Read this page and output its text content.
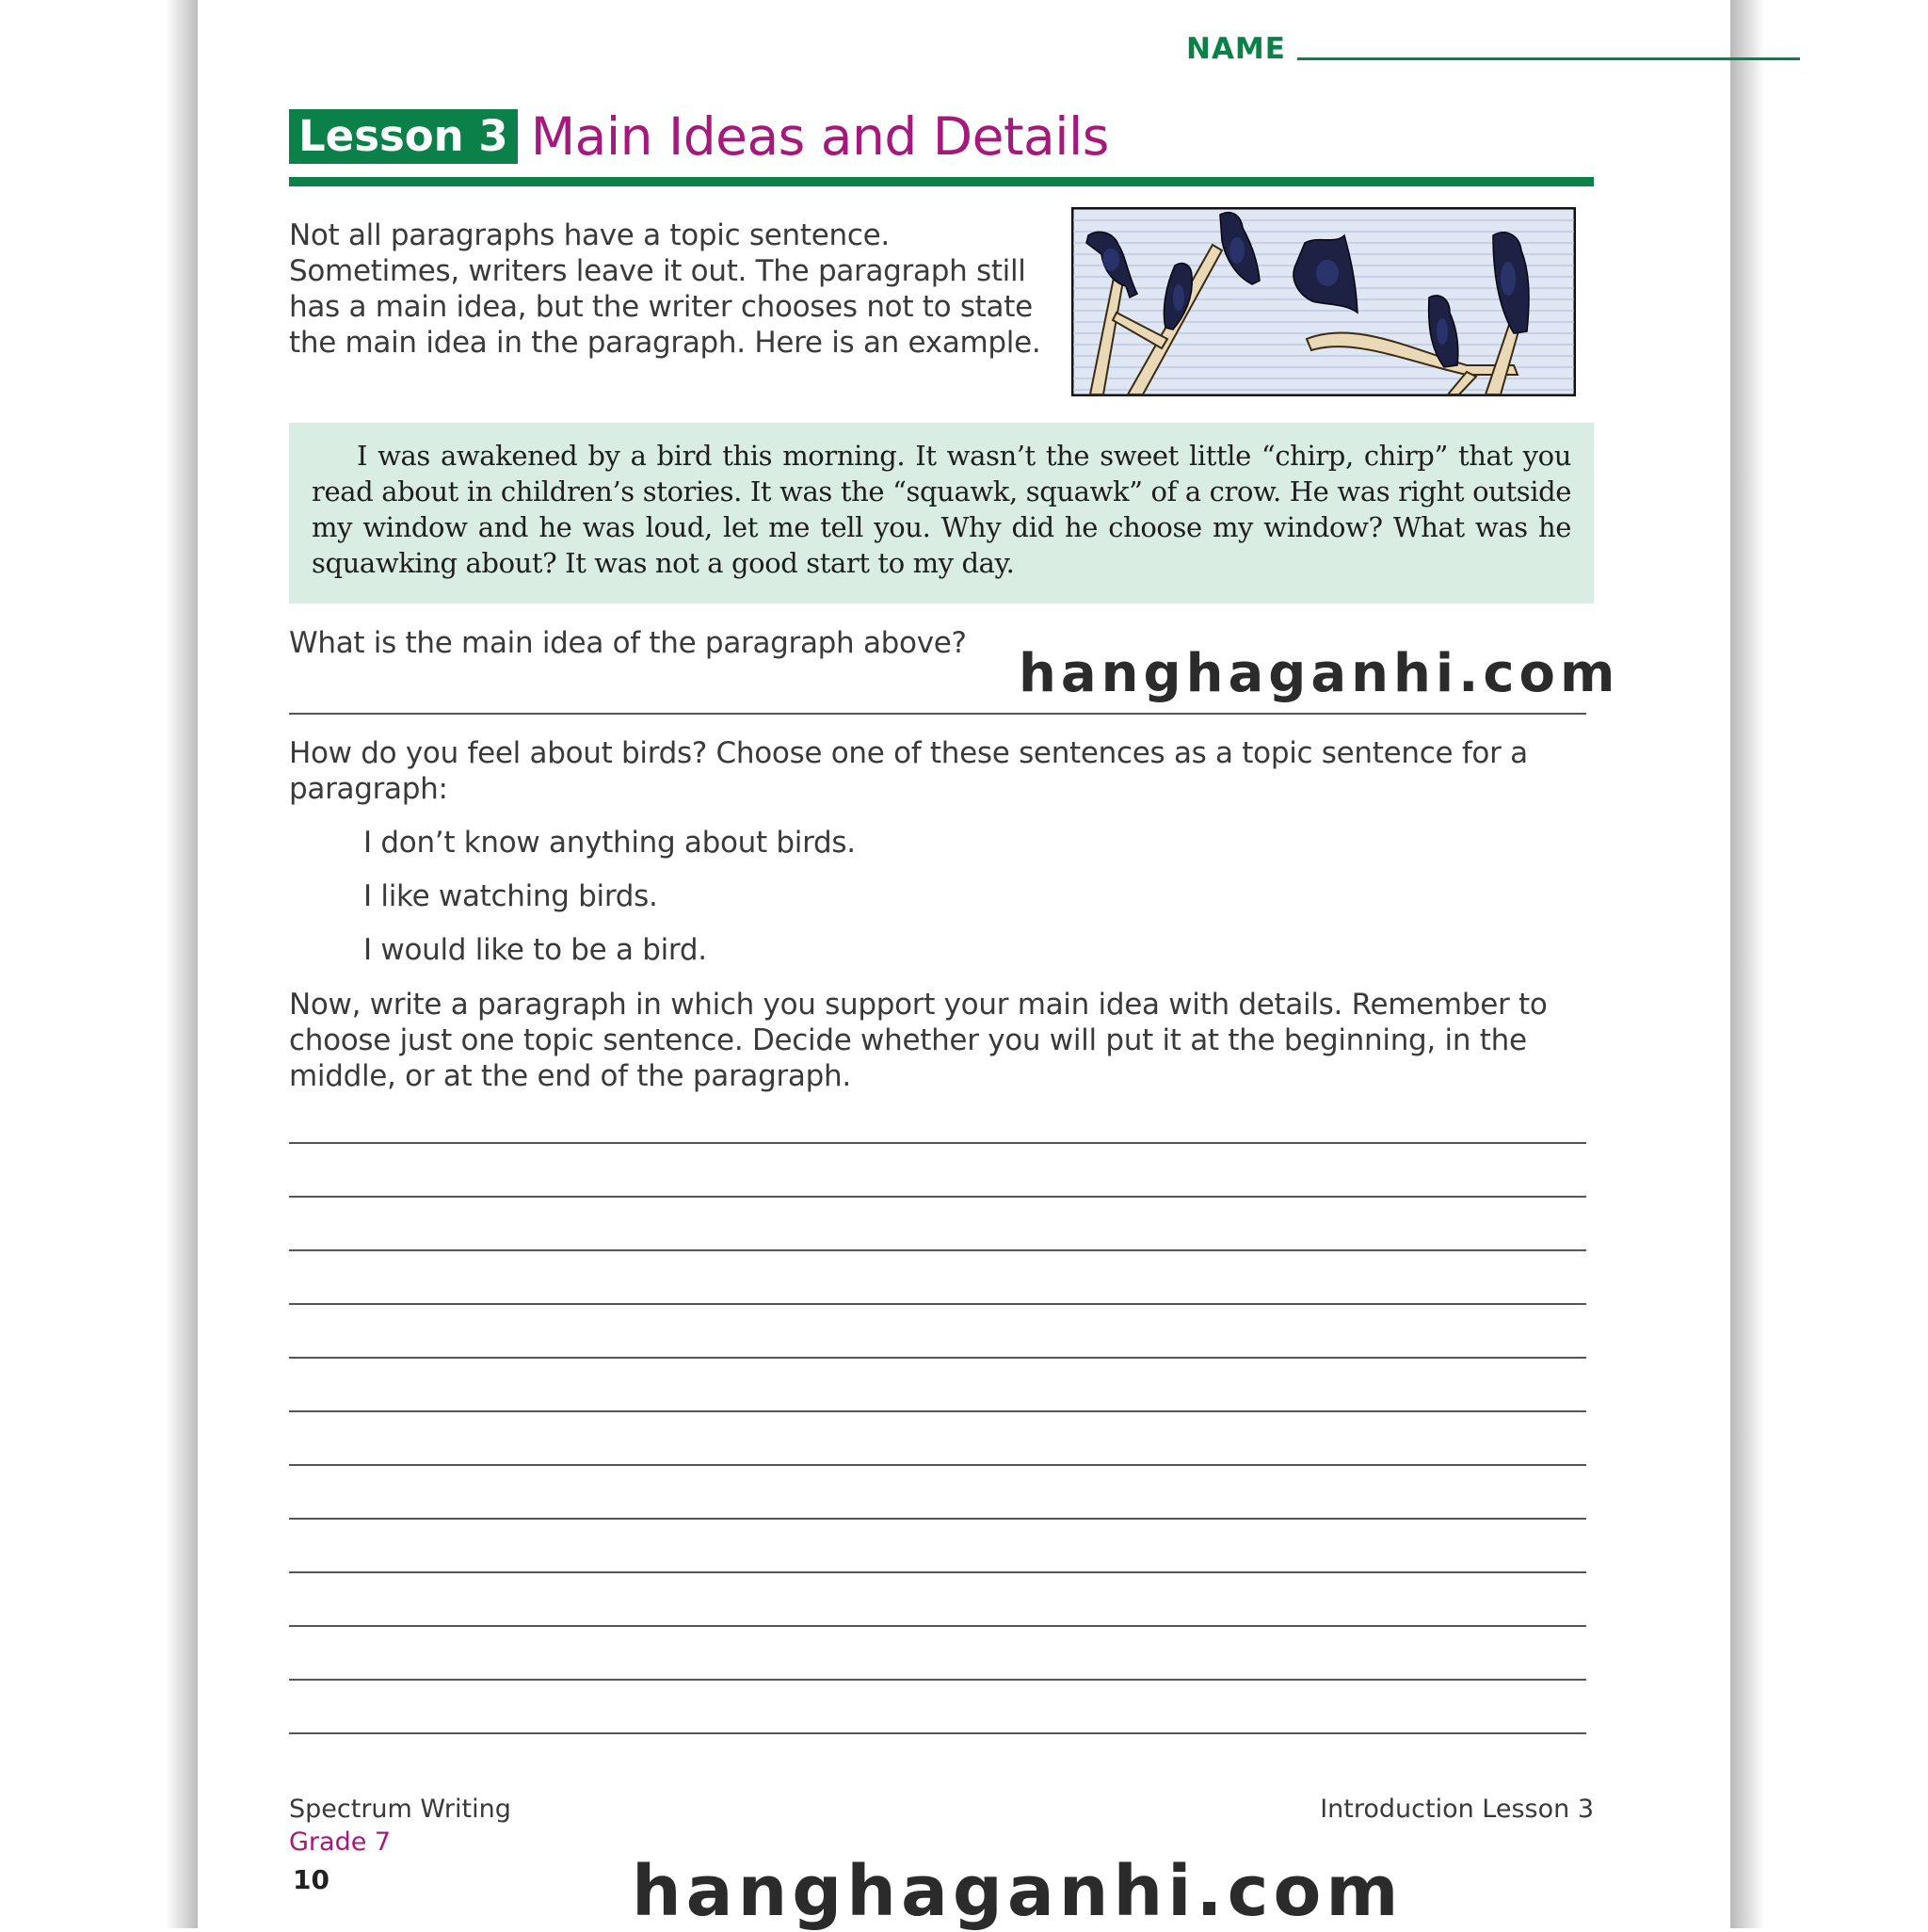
NAME
Lesson 3 Main Ideas and Details

Not all paragraphs have a topic sentence. Sometimes, writers leave it out. The paragraph still has a main idea, but the writer chooses not to state the main idea in the paragraph. Here is an example.

I was awakened by a bird this morning. It wasn’t the sweet little “chirp, chirp” that you read about in children’s stories. It was the “squawk, squawk” of a crow. He was right outside my window and he was loud, let me tell you. Why did he choose my window? What was he squawking about? It was not a good start to my day.

What is the main idea of the paragraph above?

How do you feel about birds? Choose one of these sentences as a topic sentence for a paragraph:

I don’t know anything about birds.

I like watching birds.

I would like to be a bird.

Now, write a paragraph in which you support your main idea with details. Remember to choose just one topic sentence. Decide whether you will put it at the beginning, in the middle, or at the end of the paragraph.

Spectrum Writing

Grade 7

10

Introduction Lesson 3

hanghaganhi.com
hanghaganhi.com
